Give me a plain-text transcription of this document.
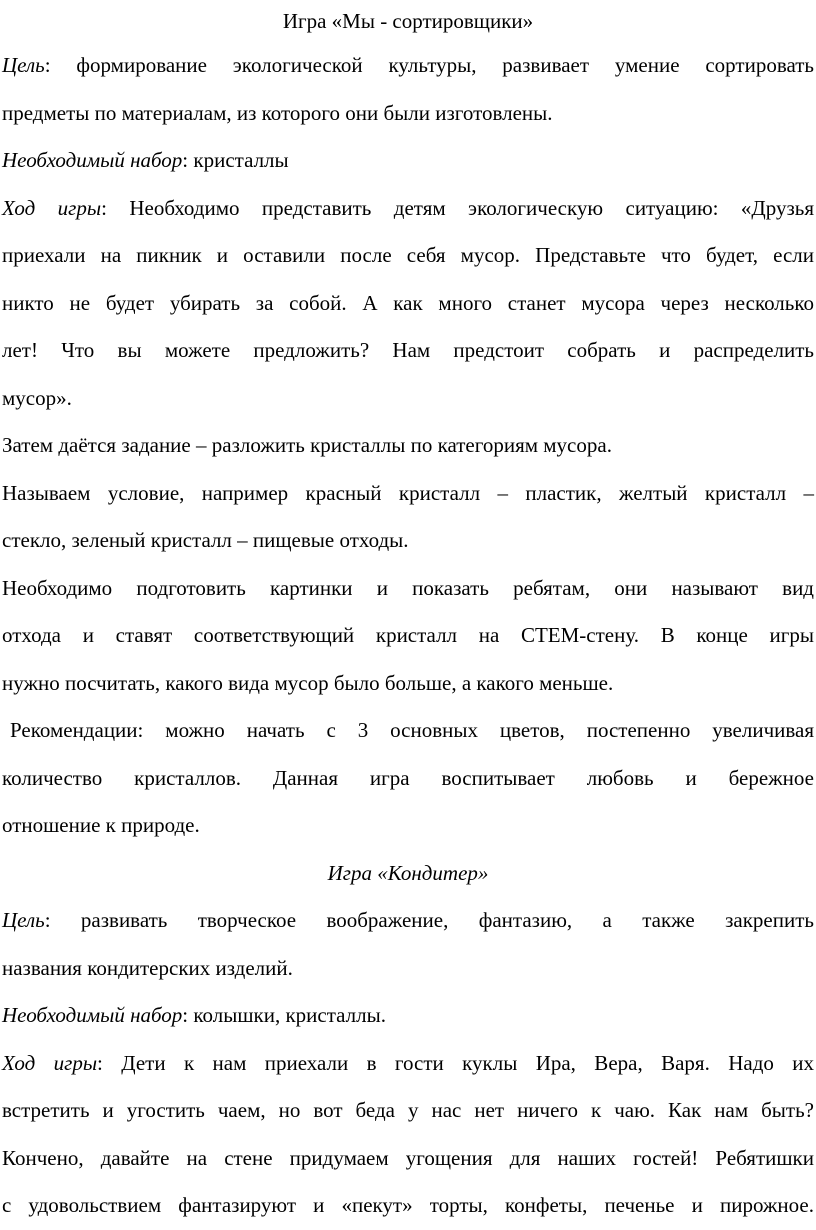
Игра «Мы - сортировщики»
Цель: формирование экологической культуры, развивает умение сортировать
предметы по материалам, из которого они были изготовлены.
Необходимый набор: кристаллы
Ход игры: Необходимо представить детям экологическую ситуацию: «Друзья
приехали на пикник и оставили после себя мусор. Представьте что будет, если
никто не будет убирать за собой. А как много станет мусора через несколько
лет! Что вы можете предложить? Нам предстоит собрать и распределить
мусор».
Затем даётся задание – разложить кристаллы по категориям мусора.
Называем условие, например красный кристалл – пластик, желтый кристалл –
стекло, зеленый кристалл – пищевые отходы.
Необходимо подготовить картинки и показать ребятам, они называют вид
отхода и ставят соответствующий кристалл на СТЕМ-стену. В конце игры
нужно посчитать, какого вида мусор было больше, а какого меньше.
Рекомендации: можно начать с 3 основных цветов, постепенно увеличивая
количество кристаллов. Данная игра воспитывает любовь и бережное
отношение к природе.
Игра «Кондитер»
Цель: развивать творческое воображение, фантазию, а также закрепить
названия кондитерских изделий.
Необходимый набор: колышки, кристаллы.
Ход игры: Дети к нам приехали в гости куклы Ира, Вера, Варя. Надо их
встретить и угостить чаем, но вот беда у нас нет ничего к чаю. Как нам быть?
Кончено, давайте на стене придумаем угощения для наших гостей! Ребятишки
с удовольствием фантазируют и «пекут» торты, конфеты, печенье и пирожное.
